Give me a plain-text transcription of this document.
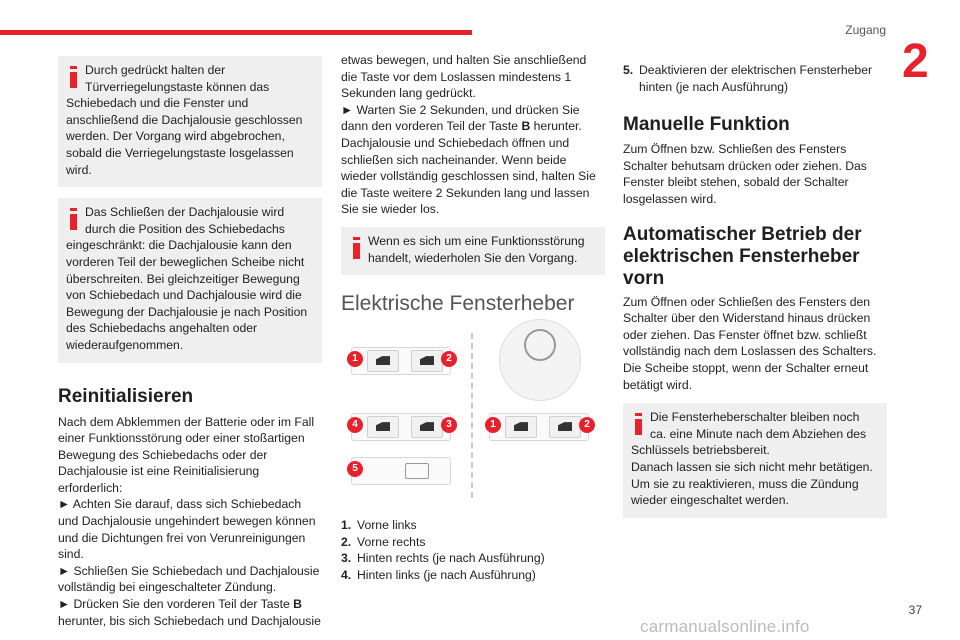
Zugang
2

Durch gedrückt halten der Türverriegelungstaste können das Schiebedach und die Fenster und anschließend die Dachjalousie geschlossen werden. Der Vorgang wird abgebrochen, sobald die Verriegelungstaste losgelassen wird.

Das Schließen der Dachjalousie wird durch die Position des Schiebedachs eingeschränkt: die Dachjalousie kann den vorderen Teil der beweglichen Scheibe nicht überschreiten. Bei gleichzeitiger Bewegung von Schiebedach und Dachjalousie wird die Bewegung der Dachjalousie je nach Position des Schiebedachs angehalten oder wiederaufgenommen.

Reinitialisieren

Nach dem Abklemmen der Batterie oder im Fall einer Funktionsstörung oder einer stoßartigen Bewegung des Schiebedachs oder der Dachjalousie ist eine Reinitialisierung erforderlich:

► Achten Sie darauf, dass sich Schiebedach und Dachjalousie ungehindert bewegen können und die Dichtungen frei von Verunreinigungen sind.

► Schließen Sie Schiebedach und Dachjalousie vollständig bei eingeschalteter Zündung.

► Drücken Sie den vorderen Teil der Taste B herunter, bis sich Schiebedach und Dachjalousie

etwas bewegen, und halten Sie anschließend die Taste vor dem Loslassen mindestens 1 Sekunden lang gedrückt.

► Warten Sie 2 Sekunden, und drücken Sie dann den vorderen Teil der Taste B herunter. Dachjalousie und Schiebedach öffnen und schließen sich nacheinander. Wenn beide wieder vollständig geschlossen sind, halten Sie die Taste weitere 2 Sekunden lang und lassen Sie sie wieder los.

Wenn es sich um eine Funktionsstörung handelt, wiederholen Sie den Vorgang.

Elektrische Fensterheber
1	2
4	3
5
1	2
1. Vorne links
2. Vorne rechts
3. Hinten rechts (je nach Ausführung)
4. Hinten links (je nach Ausführung)
5. Deaktivieren der elektrischen Fensterheber hinten (je nach Ausführung)
Manuelle Funktion

Zum Öffnen bzw. Schließen des Fensters Schalter behutsam drücken oder ziehen. Das Fenster bleibt stehen, sobald der Schalter losgelassen wird.

Automatischer Betrieb der elektrischen Fensterheber vorn

Zum Öffnen oder Schließen des Fensters den Schalter über den Widerstand hinaus drücken oder ziehen. Das Fenster öffnet bzw. schließt vollständig nach dem Loslassen des Schalters. Die Scheibe stoppt, wenn der Schalter erneut betätigt wird.

Die Fensterheberschalter bleiben noch ca. eine Minute nach dem Abziehen des Schlüssels betriebsbereit.

Danach lassen sie sich nicht mehr betätigen. Um sie zu reaktivieren, muss die Zündung wieder eingeschaltet werden.

37
carmanualsonline.info
